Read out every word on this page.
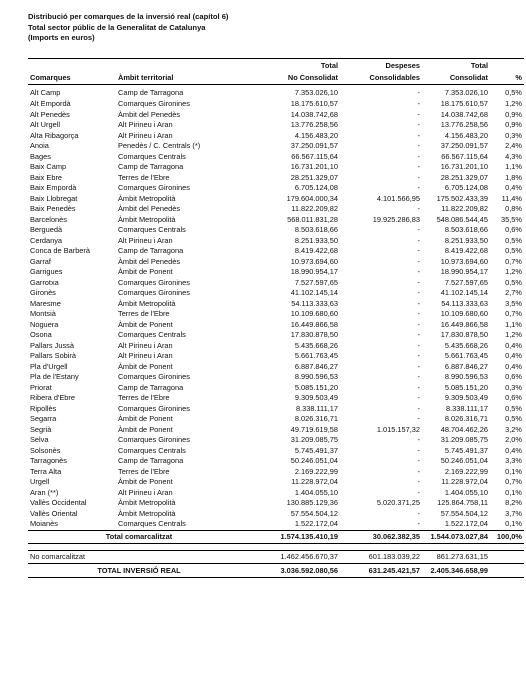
Distribució per comarques de la inversió real (capítol 6)
Total sector públic de la Generalitat de Catalunya
(Imports en euros)
		Total	Despeses	Total	
Comarques	Àmbit territorial	No Consolidat	Consolidables	Consolidat	%
Alt Camp	Camp de Tarragona	7.353.026,10	-	7.353.026,10	0,5%
Alt Empordà	Comarques Gironines	18.175.610,57	-	18.175.610,57	1,2%
Alt Penedès	Àmbit del Penedès	14.038.742,68	-	14.038.742,68	0,9%
Alt Urgell	Alt Pirineu i Aran	13.776.258,56	-	13.776.258,56	0,9%
Alta Ribagorça	Alt Pirineu i Aran	4.156.483,20	-	4.156.483,20	0,3%
Anoia	Penedès / C. Centrals (*)	37.250.091,57	-	37.250.091,57	2,4%
Bages	Comarques Centrals	66.567.115,64	-	66.567.115,64	4,3%
Baix Camp	Camp de Tarragona	16.731.201,10	-	16.731.201,10	1,1%
Baix Ebre	Terres de l'Ebre	28.251.329,07	-	28.251.329,07	1,8%
Baix Empordà	Comarques Gironines	6.705.124,08	-	6.705.124,08	0,4%
Baix Llobregat	Àmbit Metropolità	179.604.000,34	4.101.566,95	175.502.433,39	11,4%
Baix Penedès	Àmbit del Penedès	11.822.209,82	-	11.822.209,82	0,8%
Barcelonès	Àmbit Metropolità	568.011.831,28	19.925.286,83	548.086.544,45	35,5%
Berguedà	Comarques Centrals	8.503.618,66	-	8.503.618,66	0,6%
Cerdanya	Alt Pirineu i Aran	8.251.933,50	-	8.251.933,50	0,5%
Conca de Barberà	Camp de Tarragona	8.419.422,68	-	8.419.422,68	0,5%
Garraf	Àmbit del Penedès	10.973.694,60	-	10.973.694,60	0,7%
Garrigues	Àmbit de Ponent	18.990.954,17	-	18.990.954,17	1,2%
Garrotxa	Comarques Gironines	7.527.597,65	-	7.527.597,65	0,5%
Gironès	Comarques Gironines	41.102.145,14	-	41.102.145,14	2,7%
Maresme	Àmbit Metropolità	54.113.333,63	-	54.113.333,63	3,5%
Montsià	Terres de l'Ebre	10.109.680,60	-	10.109.680,60	0,7%
Noguera	Àmbit de Ponent	16.449.866,58	-	16.449.866,58	1,1%
Osona	Comarques Centrals	17.830.878,50	-	17.830.878,50	1,2%
Pallars Jussà	Alt Pirineu i Aran	5.435.668,26	-	5.435.668,26	0,4%
Pallars Sobirà	Alt Pirineu i Aran	5.661.763,45	-	5.661.763,45	0,4%
Pla d'Urgell	Àmbit de Ponent	6.887.846,27	-	6.887.846,27	0,4%
Pla de l'Estany	Comarques Gironines	8.990.596,53	-	8.990.596,53	0,6%
Priorat	Camp de Tarragona	5.085.151,20	-	5.085.151,20	0,3%
Ribera d'Ebre	Terres de l'Ebre	9.309.503,49	-	9.309.503,49	0,6%
Ripollès	Comarques Gironines	8.338.111,17	-	8.338.111,17	0,5%
Segarra	Àmbit de Ponent	8.026.316,71	-	8.026.316,71	0,5%
Segrià	Àmbit de Ponent	49.719.619,58	1.015.157,32	48.704.462,26	3,2%
Selva	Comarques Gironines	31.209.085,75	-	31.209.085,75	2,0%
Solsonès	Comarques Centrals	5.745.491,37	-	5.745.491,37	0,4%
Tarragonès	Camp de Tarragona	50.246.051,04	-	50.246.051,04	3,3%
Terra Alta	Terres de l'Ebre	2.169.222,99	-	2.169.222,99	0,1%
Urgell	Àmbit de Ponent	11.228.972,04	-	11.228.972,04	0,7%
Aran (**)	Alt Pirineu i Aran	1.404.055,10	-	1.404.055,10	0,1%
Vallès Occidental	Àmbit Metropolità	130.885.129,36	5.020.371,25	125.864.758,11	8,2%
Vallès Oriental	Àmbit Metropolità	57.554.504,12	-	57.554.504,12	3,7%
Moianès	Comarques Centrals	1.522.172,04	-	1.522.172,04	0,1%
Total comarcalitzat		1.574.135.410,19	30.062.382,35	1.544.073.027,84	100,0%

No comarcalitzat		1.462.456.670,37	601.183.039,22	861.273.631,15	
TOTAL INVERSIÓ REAL		3.036.592.080,56	631.245.421,57	2.405.346.658,99	
